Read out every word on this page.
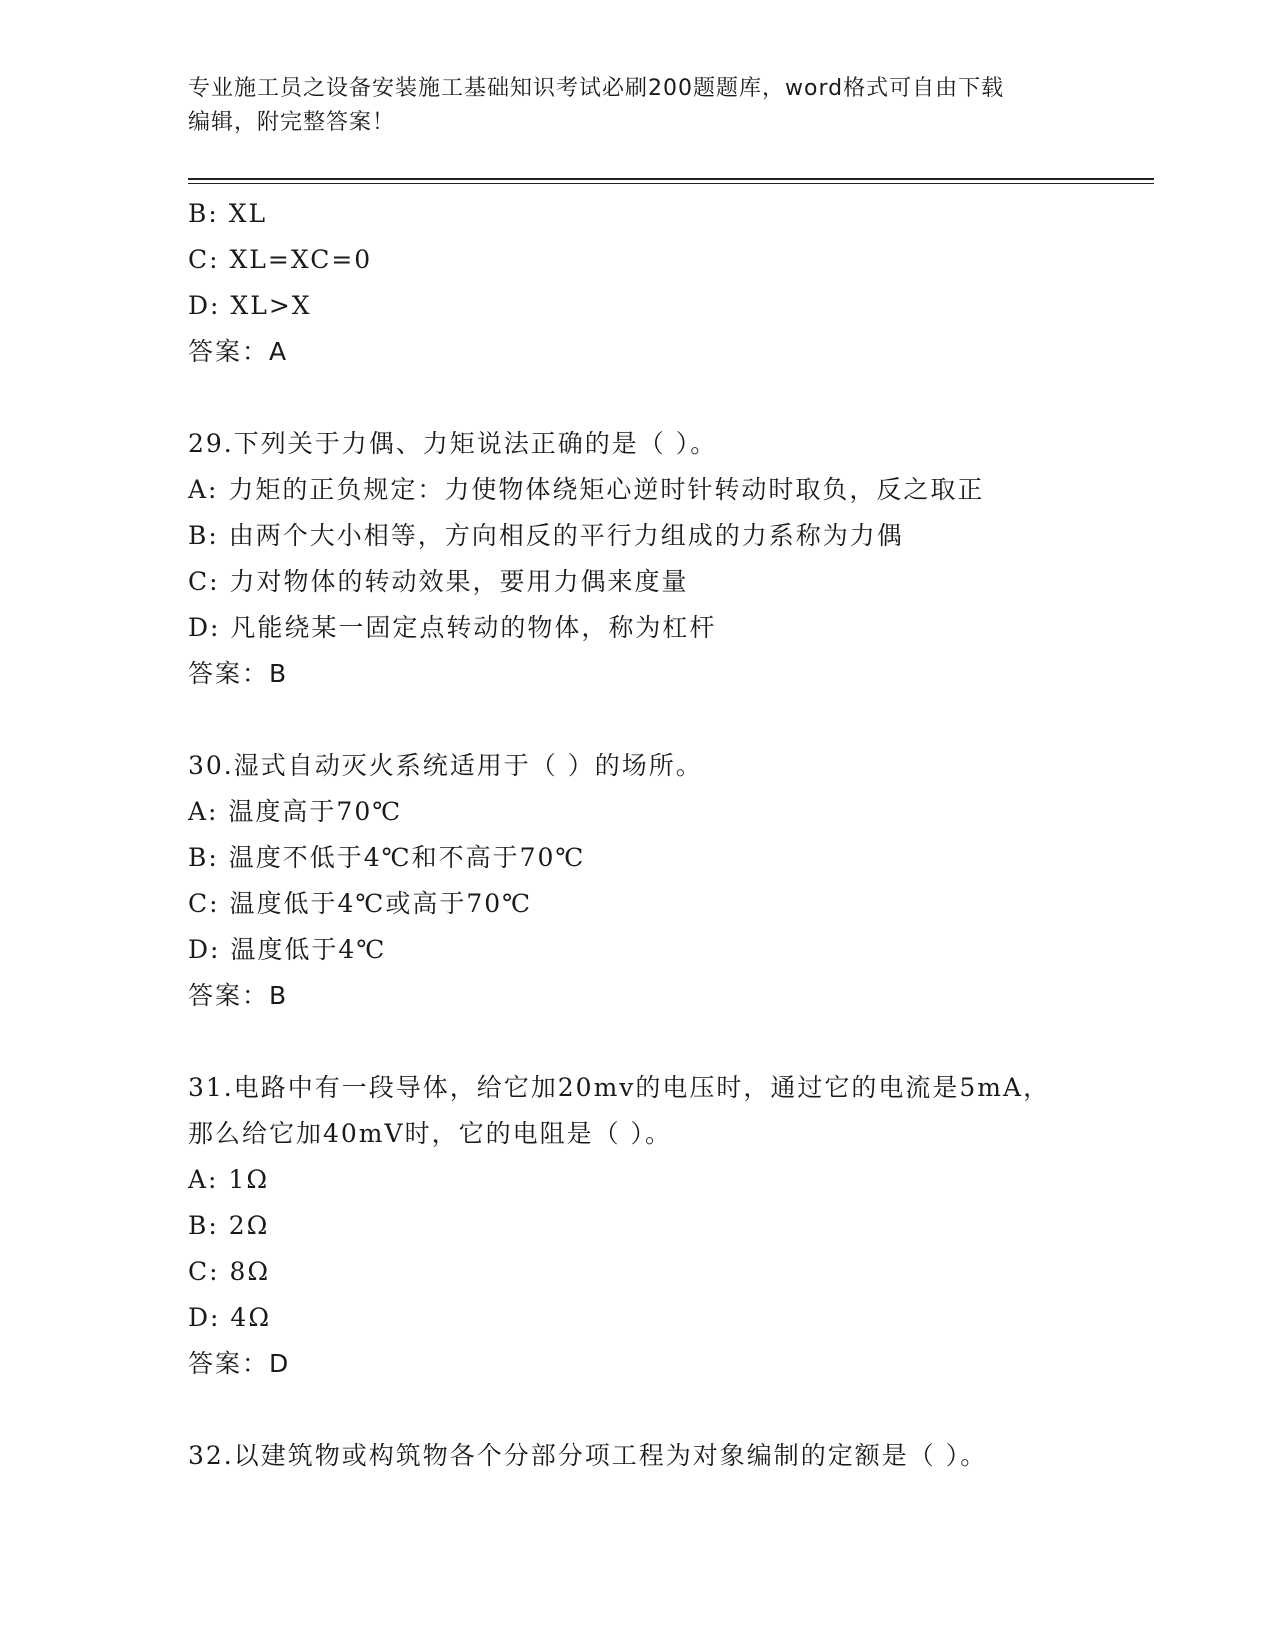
专业施工员之设备安装施工基础知识考试必刷200题题库，word格式可自由下载
编辑，附完整答案！
B: XL
C: XL=XC=0
D: XL>X
答案：A
29.下列关于力偶、力矩说法正确的是（ ）。
A: 力矩的正负规定：力使物体绕矩心逆时针转动时取负，反之取正
B: 由两个大小相等，方向相反的平行力组成的力系称为力偶
C: 力对物体的转动效果，要用力偶来度量
D: 凡能绕某一固定点转动的物体，称为杠杆
答案：B
30.湿式自动灭火系统适用于（ ）的场所。
A: 温度高于70℃
B: 温度不低于4℃和不高于70℃
C: 温度低于4℃或高于70℃
D: 温度低于4℃
答案：B
31.电路中有一段导体，给它加20mv的电压时，通过它的电流是5mA，
那么给它加40mV时，它的电阻是（ ）。
A: 1Ω
B: 2Ω
C: 8Ω
D: 4Ω
答案：D
32.以建筑物或构筑物各个分部分项工程为对象编制的定额是（ ）。
